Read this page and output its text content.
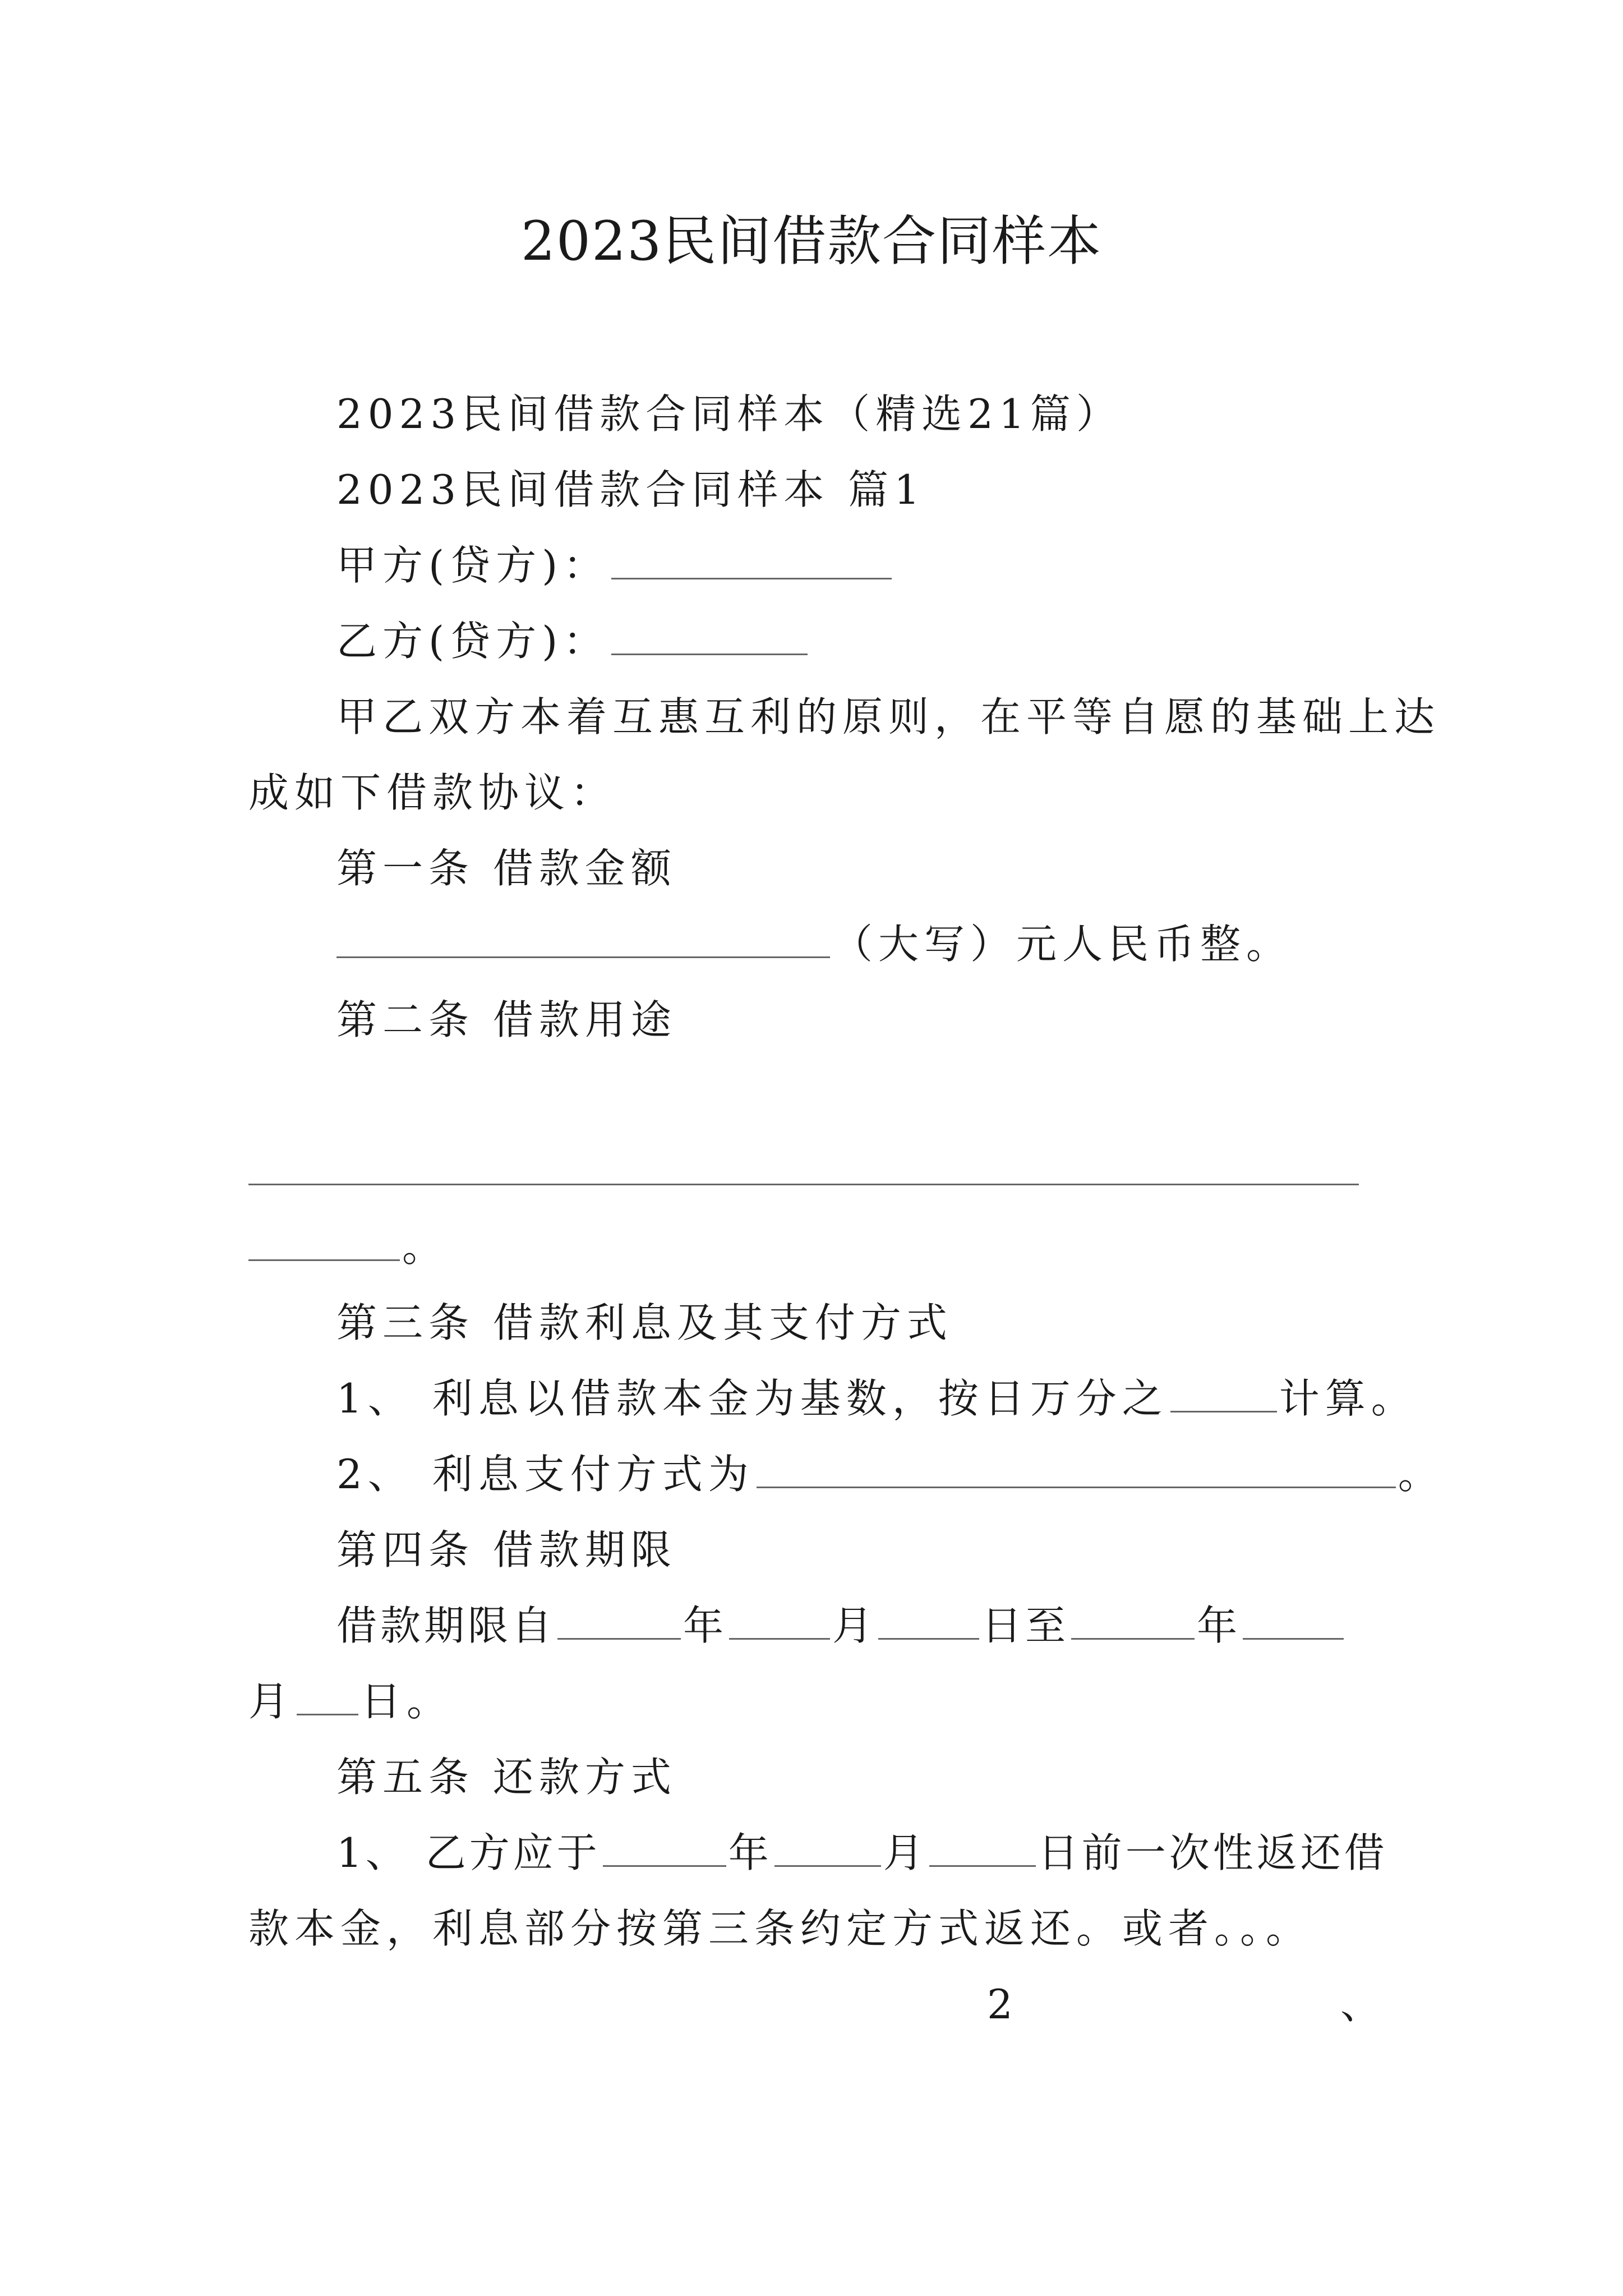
2023民间借款合同样本
2023民间借款合同样本（精选21篇）
2023民间借款合同样本 篇1
甲方(贷方)：
乙方(贷方)：
甲乙双方本着互惠互利的原则，在平等自愿的基础上达
成如下借款协议：
第一条 借款金额
（大写）元人民币整。
第二条 借款用途
。
第三条 借款利息及其支付方式
1、 利息以借款本金为基数，按日万分之	计算。
2、 利息支付方式为	。
第四条 借款期限
借款期限自	年	月	日至	年
月 日。
第五条 还款方式
1、 乙方应于	年	月	日前一次性返还借
款本金，利息部分按第三条约定方式返还。或者。。。
2	、
